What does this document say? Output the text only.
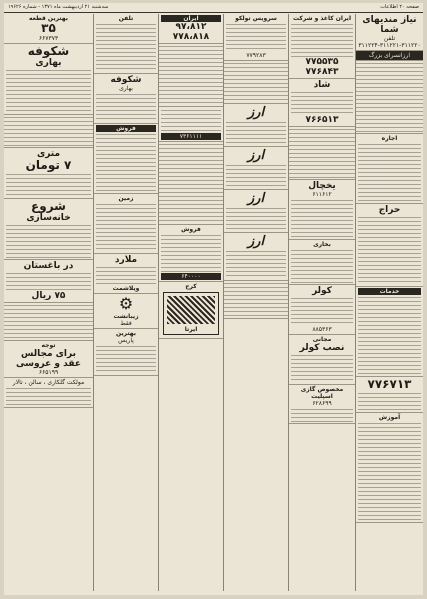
صفحه ۲۰ اطلاعات
سه‌شنبه ۲۱ اردیبهشت ماه ۱۳۷۱ - شماره ۱۹۶۲۶
نیاز مندیهای شما
تلفن ۳۱۱۲۲۰-۳۱۱۲۲۱-۳۱۱۲۲۴
ارزانسرای بزرگ
اجاره
حراج
خدمات
۷۷۶۷۱۳
آموزش
ایران کاغذ و شرکت
۷۷۵۵۳۵
۷۷۶۸۴۳
شاد
۷۶۶۵۱۳
یخچال
۶۱۱۶۱۲
بخاری
کولر
۸۸۵۳۶۳
مجانی
نصب کولر
مخصوص گازی اسپلیت
۶۲۸۶۹۹
سرویس تولکو
۷۷۹۲۸۳
ارز
ارز
ارز
ارز
ایران
۹۷،۸۱۲
۷۷۸،۸۱۸
۷۳۶۱۱۱۱
فروش
۶۴۰۰۰۰
کرج
ایرتا
تلفن
شکوفه
بهاری
فروش
زمین
ملارد
ویلاشمت
⚙
زیبانشت
فقط
بهترین
پاریس
بهترین قطعه
۳۵
۶۶۷۳۷۳
شکوفه
بهاری
متری
۷ تومان
شروع
خانه‌سازی
در باغستان
۷۵ ریال
توجه
برای مجالس
عقد و عروسی
۶۶۵۱۹۹
مولکت گلکاری ، سالن ، تالار
